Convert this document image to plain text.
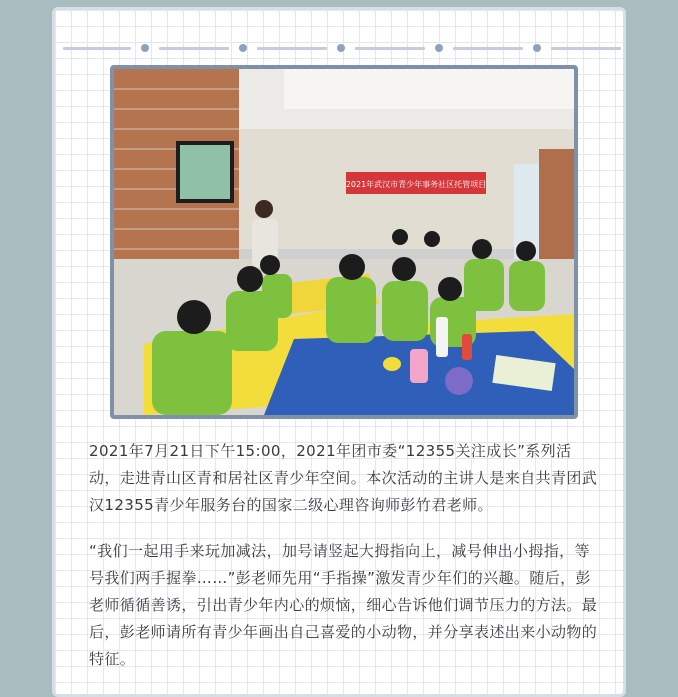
2021年武汉市青少年事务社区托管项目
2021年7月21日下午15:00，2021年团市委“12355关注成长”系列活动，走进青山区青和居社区青少年空间。本次活动的主讲人是来自共青团武汉12355青少年服务台的国家二级心理咨询师彭竹君老师。
“我们一起用手来玩加减法，加号请竖起大拇指向上，减号伸出小拇指，等号我们两手握拳……”彭老师先用“手指操”激发青少年们的兴趣。随后，彭老师循循善诱，引出青少年内心的烦恼，细心告诉他们调节压力的方法。最后，彭老师请所有青少年画出自己喜爱的小动物，并分享表述出来小动物的特征。
